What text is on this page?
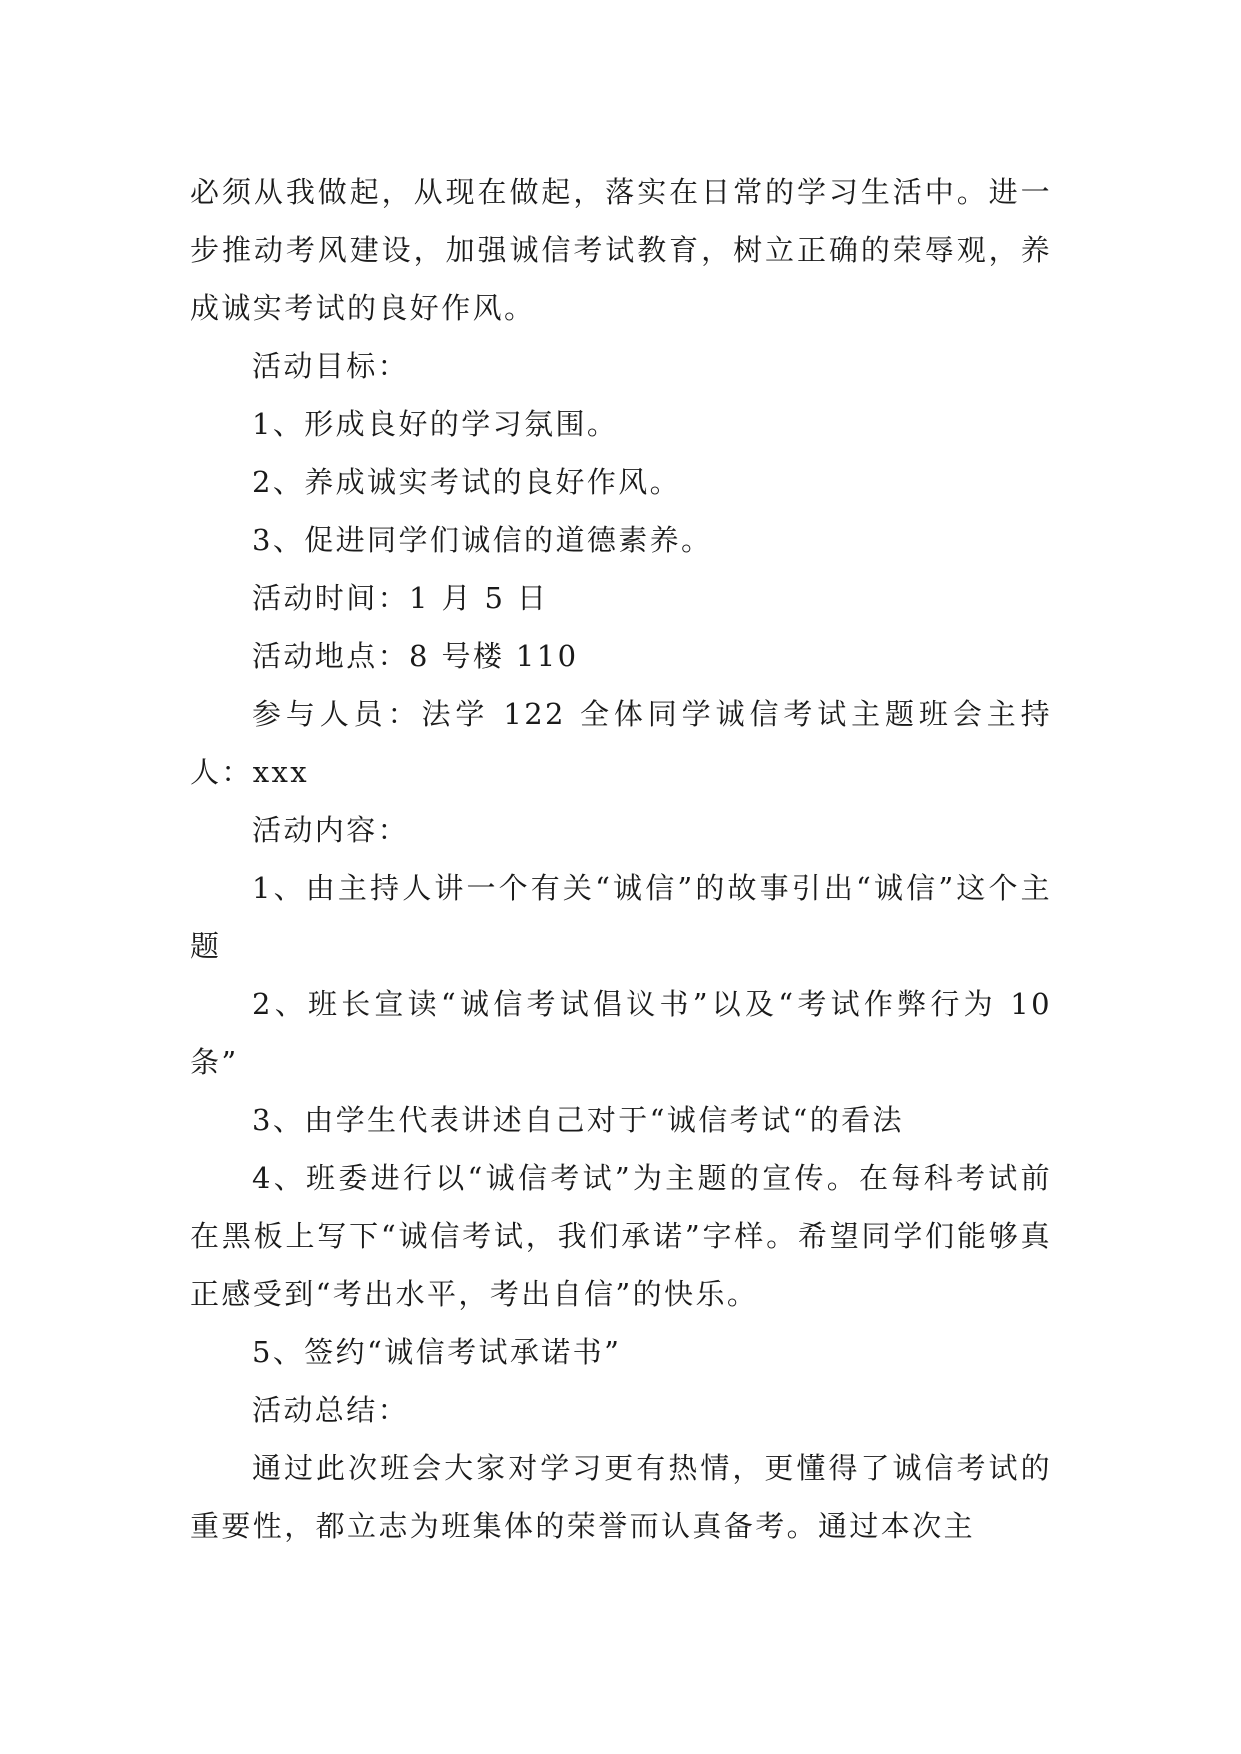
必须从我做起，从现在做起，落实在日常的学习生活中。进一步推动考风建设，加强诚信考试教育，树立正确的荣辱观，养成诚实考试的良好作风。

活动目标：

1、形成良好的学习氛围。

2、养成诚实考试的良好作风。

3、促进同学们诚信的道德素养。

活动时间：1 月 5 日

活动地点：8 号楼 110

参与人员：法学 122 全体同学诚信考试主题班会主持人：xxx

活动内容：

1、由主持人讲一个有关“诚信”的故事引出“诚信”这个主题

2、班长宣读“诚信考试倡议书”以及“考试作弊行为 10 条”

3、由学生代表讲述自己对于“诚信考试“的看法

4、班委进行以“诚信考试”为主题的宣传。在每科考试前在黑板上写下“诚信考试，我们承诺”字样。希望同学们能够真正感受到“考出水平，考出自信”的快乐。

5、签约“诚信考试承诺书”

活动总结：

通过此次班会大家对学习更有热情，更懂得了诚信考试的重要性，都立志为班集体的荣誉而认真备考。通过本次主
